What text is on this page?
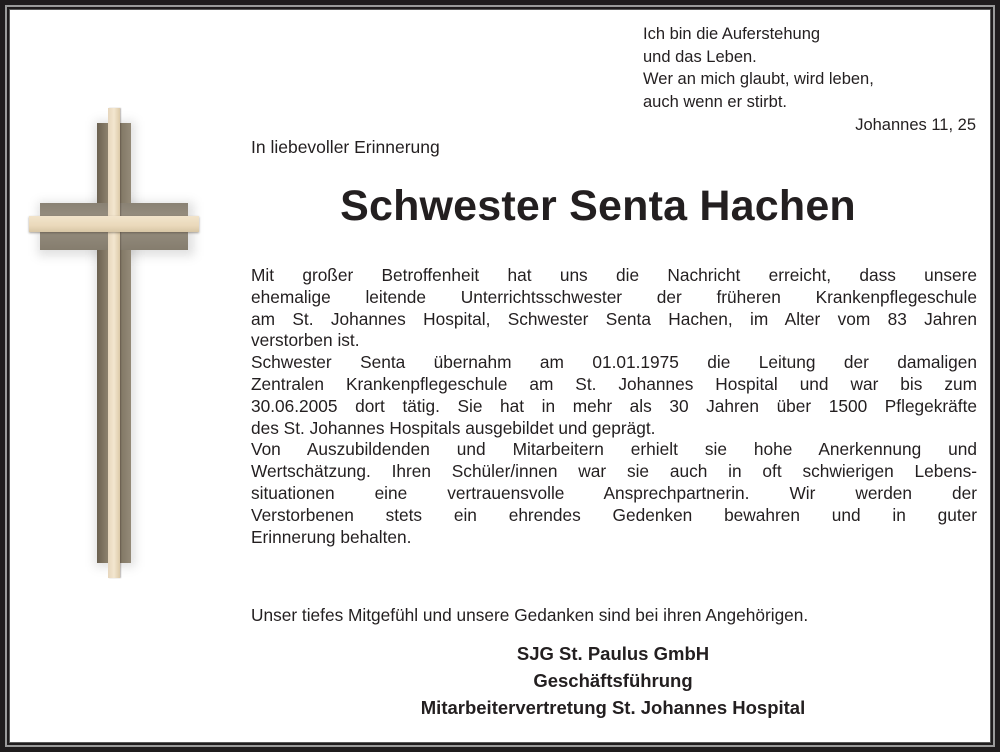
Ich bin die Auferstehung
und das Leben.
Wer an mich glaubt, wird leben,
auch wenn er stirbt.
Johannes 11, 25
In liebevoller Erinnerung
Schwester Senta Hachen
Mit großer Betroffenheit hat uns die Nachricht erreicht, dass unsere
ehemalige leitende Unterrichtsschwester der früheren Krankenpflegeschule
am St. Johannes Hospital, Schwester Senta Hachen, im Alter vom 83 Jahren
verstorben ist.
Schwester Senta übernahm am 01.01.1975 die Leitung der damaligen
Zentralen Krankenpflegeschule am St. Johannes Hospital und war bis zum
30.06.2005 dort tätig. Sie hat in mehr als 30 Jahren über 1500 Pflegekräfte
des St. Johannes Hospitals ausgebildet und geprägt.
Von Auszubildenden und Mitarbeitern erhielt sie hohe Anerkennung und
Wertschätzung. Ihren Schüler/innen war sie auch in oft schwierigen Lebens-
situationen eine vertrauensvolle Ansprechpartnerin. Wir werden der
Verstorbenen stets ein ehrendes Gedenken bewahren und in guter
Erinnerung behalten.
Unser tiefes Mitgefühl und unsere Gedanken sind bei ihren Angehörigen.
SJG St. Paulus GmbH
Geschäftsführung
Mitarbeitervertretung St. Johannes Hospital
